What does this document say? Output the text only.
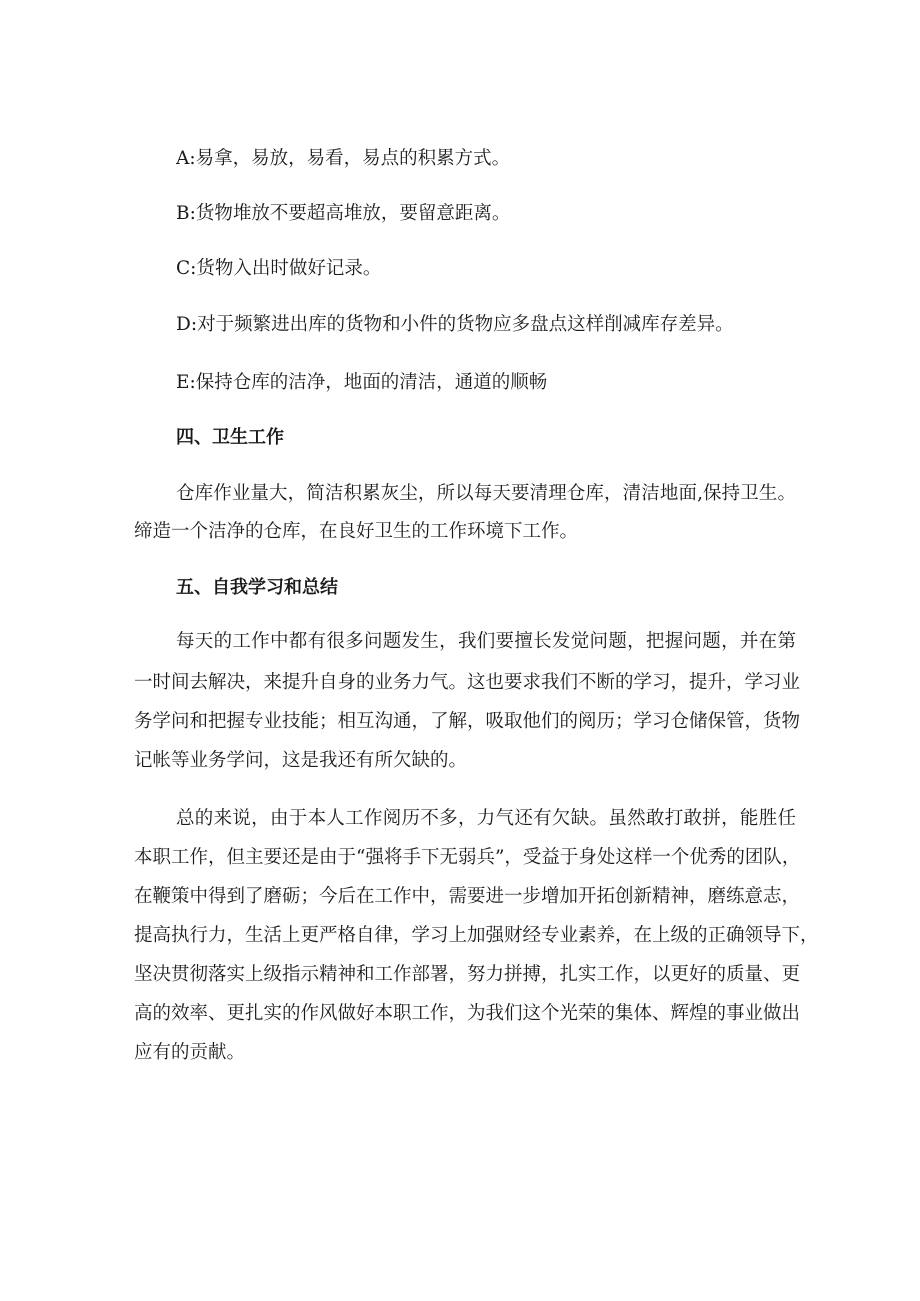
A:易拿，易放，易看，易点的积累方式。
B:货物堆放不要超高堆放，要留意距离。
C:货物入出时做好记录。
D:对于频繁进出库的货物和小件的货物应多盘点这样削减库存差异。
E:保持仓库的洁净，地面的清洁，通道的顺畅
四、卫生工作
仓库作业量大，简洁积累灰尘，所以每天要清理仓库，清洁地面,保持卫生。
缔造一个洁净的仓库，在良好卫生的工作环境下工作。
五、自我学习和总结
每天的工作中都有很多问题发生，我们要擅长发觉问题，把握问题，并在第
一时间去解决，来提升自身的业务力气。这也要求我们不断的学习，提升，学习业
务学问和把握专业技能；相互沟通，了解，吸取他们的阅历；学习仓储保管，货物
记帐等业务学问，这是我还有所欠缺的。
总的来说，由于本人工作阅历不多，力气还有欠缺。虽然敢打敢拼，能胜任
本职工作，但主要还是由于“强将手下无弱兵”，受益于身处这样一个优秀的团队，
在鞭策中得到了磨砺；今后在工作中，需要进一步增加开拓创新精神，磨练意志，
提高执行力，生活上更严格自律，学习上加强财经专业素养，在上级的正确领导下，
坚决贯彻落实上级指示精神和工作部署，努力拼搏，扎实工作，以更好的质量、更
高的效率、更扎实的作风做好本职工作，为我们这个光荣的集体、辉煌的事业做出
应有的贡献。
